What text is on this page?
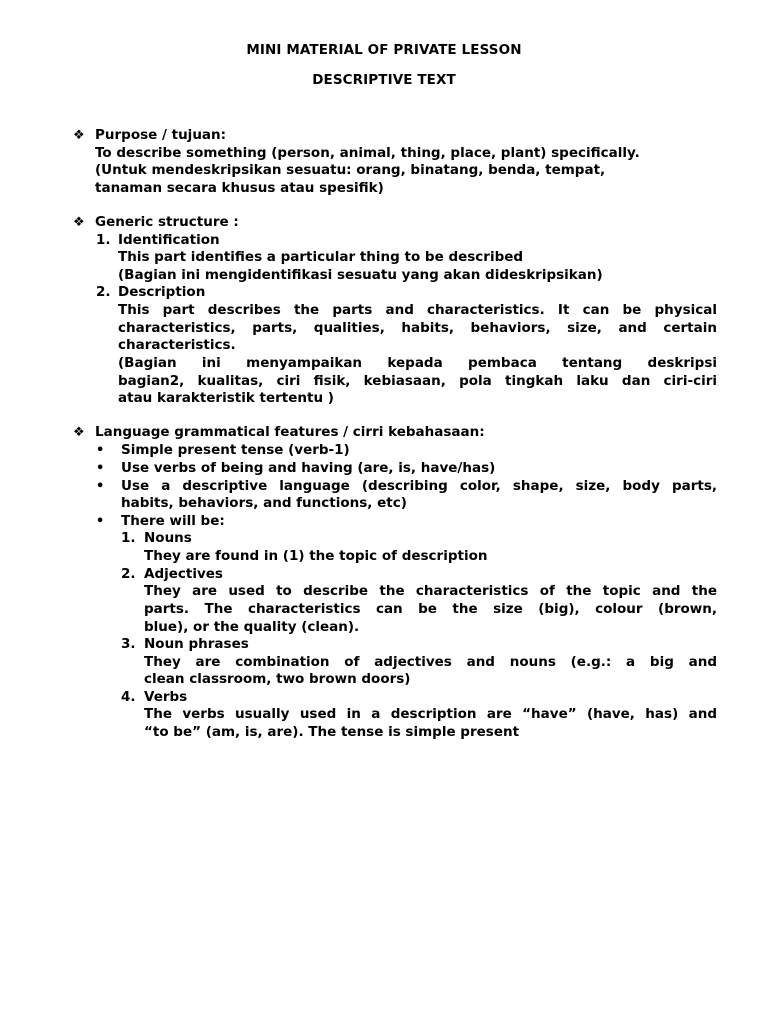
MINI MATERIAL OF PRIVATE LESSON
DESCRIPTIVE TEXT
❖ Purpose / tujuan:
To describe something (person, animal, thing, place, plant) specifically.
(Untuk mendeskripsikan sesuatu: orang, binatang, benda, tempat,
tanaman secara khusus atau spesifik)
❖ Generic structure :
1. Identification
This part identifies a particular thing to be described
(Bagian ini mengidentifikasi sesuatu yang akan dideskripsikan)
2. Description
This part describes the parts and characteristics. It can be physical
characteristics, parts, qualities, habits, behaviors, size, and certain
characteristics.
(Bagian ini menyampaikan kepada pembaca tentang deskripsi
bagian2, kualitas, ciri fisik, kebiasaan, pola tingkah laku dan ciri-ciri
atau karakteristik tertentu )
❖ Language grammatical features / cirri kebahasaan:
• Simple present tense (verb-1)
• Use verbs of being and having (are, is, have/has)
• Use a descriptive language (describing color, shape, size, body parts,
habits, behaviors, and functions, etc)
• There will be:
1. Nouns
They are found in (1) the topic of description
2. Adjectives
They are used to describe the characteristics of the topic and the
parts. The characteristics can be the size (big), colour (brown,
blue), or the quality (clean).
3. Noun phrases
They are combination of adjectives and nouns (e.g.: a big and
clean classroom, two brown doors)
4. Verbs
The verbs usually used in a description are “have” (have, has) and
“to be” (am, is, are). The tense is simple present
